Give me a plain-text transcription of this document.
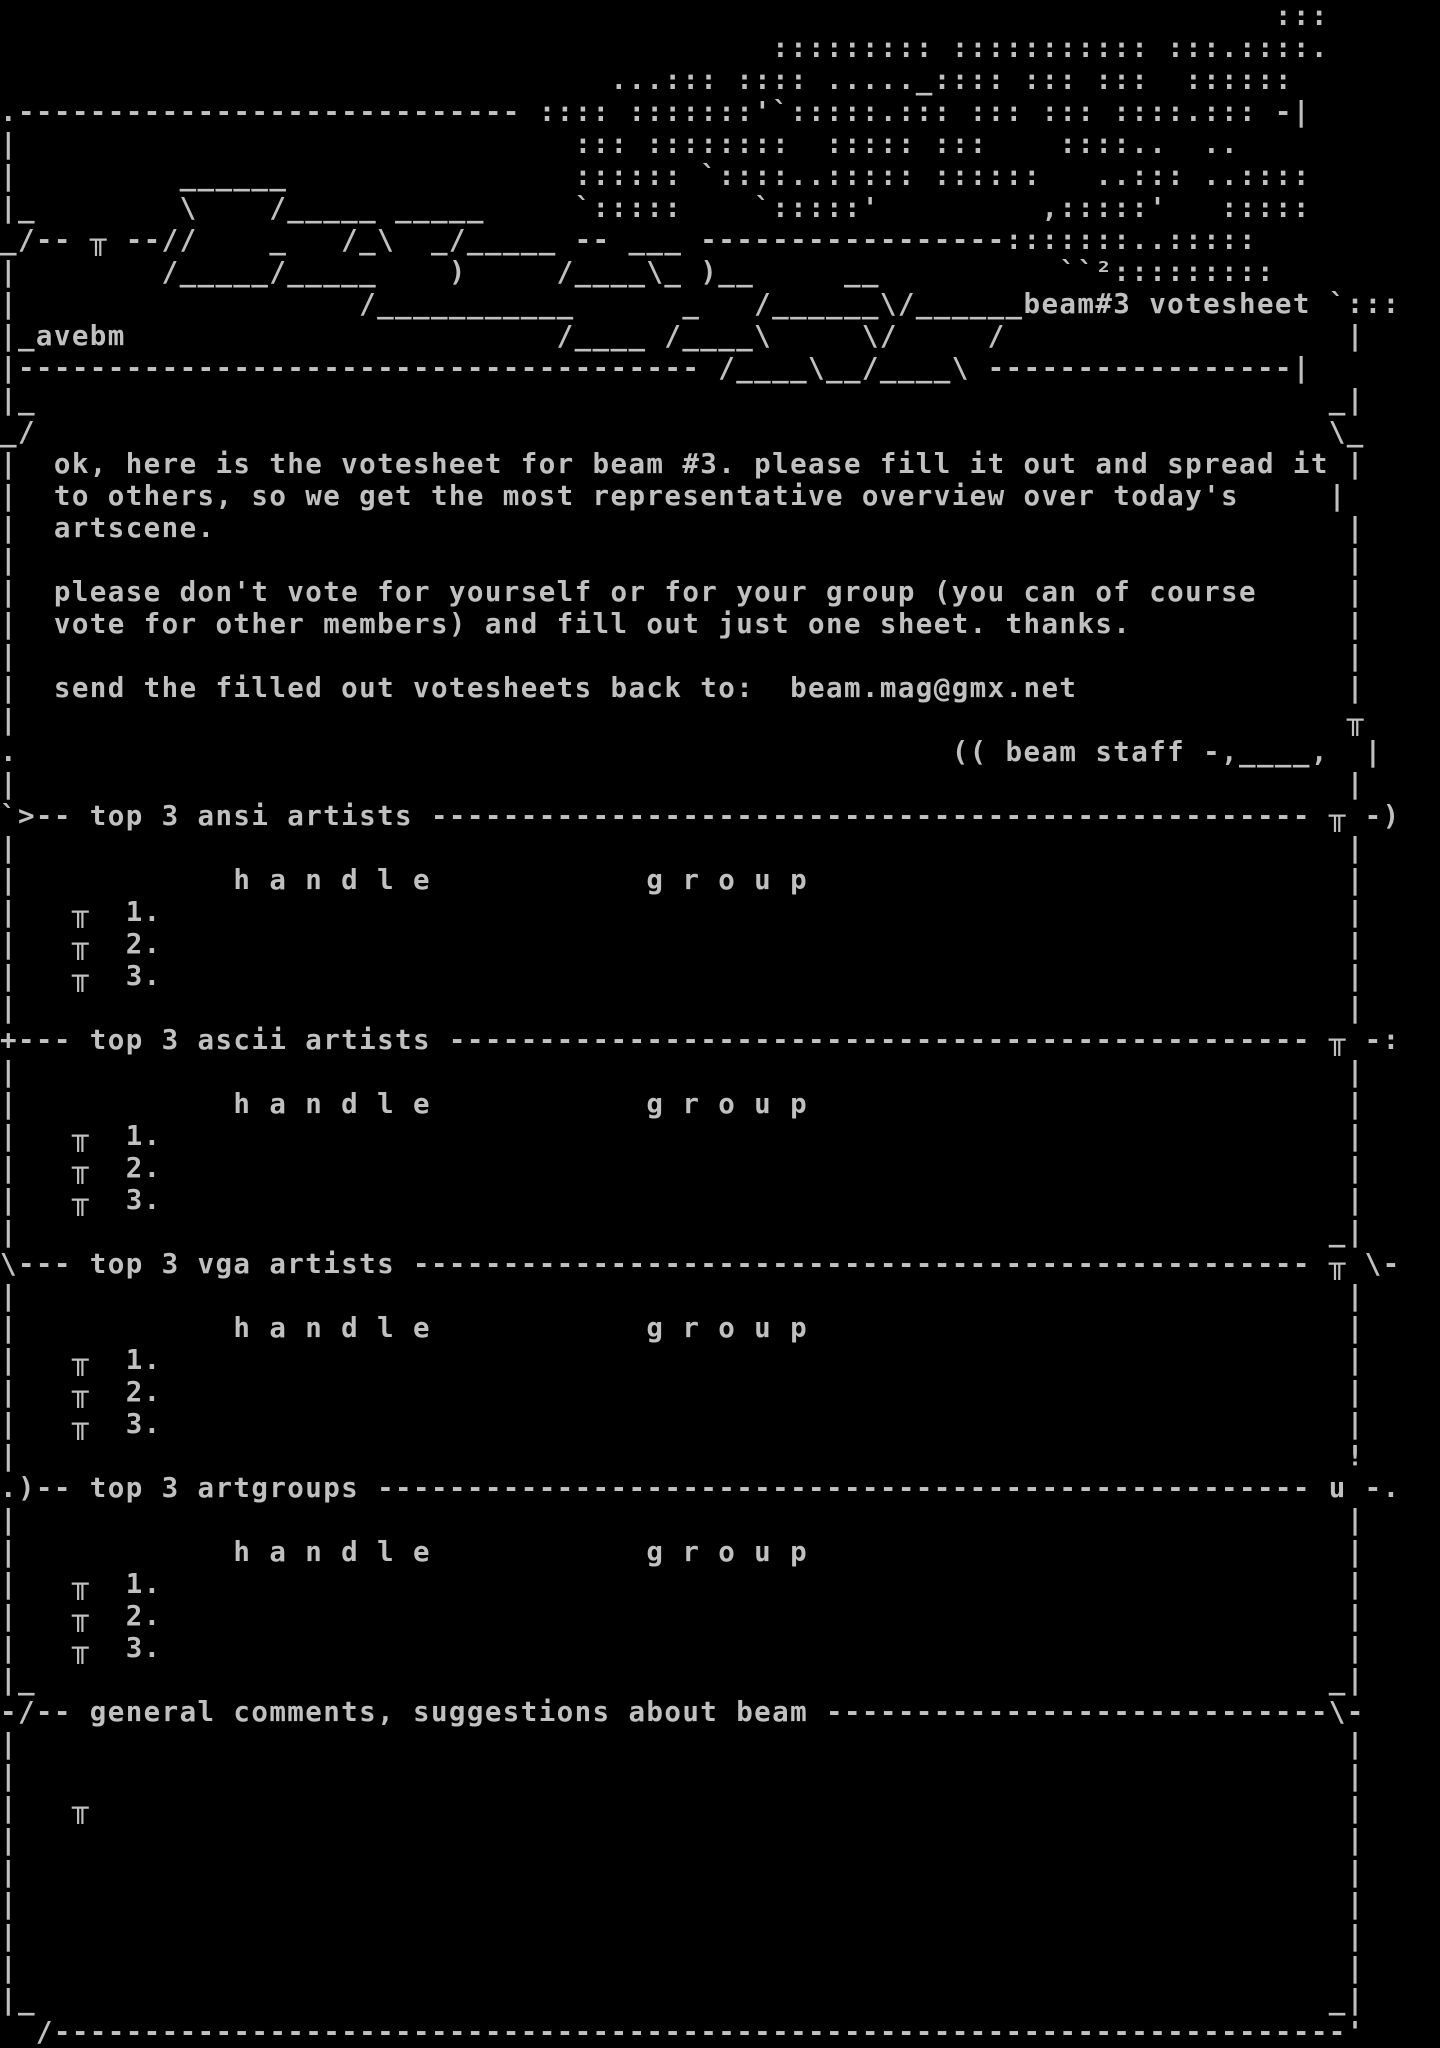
:::
::::::::: ::::::::::: :::.::::.
...::: :::: ....._:::: ::: :::  ::::::
.---------------------------- :::: :::::::'`:::::.::: ::: ::: ::::.::: -|
|                               ::: ::::::::  ::::: :::    ::::..  ..
|         ______                :::::: `::::..::::: ::::::   ..::: ..::::
|_        \    /_____ _____     `:::::    `:::::'         ,:::::'   :::::
_/-- ╥ --//    _   /_\  _/_____ -- ___ -----------------:::::::..:::::
|        /_____/_____    )     /____\_ )__     __          ``²:::::::::
|                   /___________      _   /______\/______beam#3 votesheet `:::
|_avebm                        /____ /____\     \/     /                   |
|-------------------------------------- /____\__/____\ -----------------|
|_                                                                        _|
_/                                                                        \_
|  ok, here is the votesheet for beam #3. please fill it out and spread it |
|  to others, so we get the most representative overview over today's     |
|  artscene.                                                               |
|                                                                          |
|  please don't vote for yourself or for your group (you can of course     |
|  vote for other members) and fill out just one sheet. thanks.            |
|                                                                          |
|  send the filled out votesheets back to:  beam.mag@gmx.net               |
|                                                                          ╥
.                                                    (( beam staff -,____,  |
|                                                                          |
`>-- top 3 ansi artists ------------------------------------------------- ╥ -)
|                                                                          |
|            h a n d l e            g r o u p                              |
|   ╥  1.                                                                  |
|   ╥  2.                                                                  |
|   ╥  3.                                                                  |
|                                                                          |
+--- top 3 ascii artists ------------------------------------------------ ╥ -:
|                                                                          |
|            h a n d l e            g r o u p                              |
|   ╥  1.                                                                  |
|   ╥  2.                                                                  |
|   ╥  3.                                                                  |
|                                                                         _|
\--- top 3 vga artists -------------------------------------------------- ╥ \-
|                                                                          |
|            h a n d l e            g r o u p                              |
|   ╥  1.                                                                  |
|   ╥  2.                                                                  |
|   ╥  3.                                                                  |
|                                                                          !
.)-- top 3 artgroups ---------------------------------------------------- u -.
|                                                                          |
|            h a n d l e            g r o u p                              |
|   ╥  1.                                                                  |
|   ╥  2.                                                                  |
|   ╥  3.                                                                  |
|_                                                                        _|
-/-- general comments, suggestions about beam ----------------------------\-
|                                                                          |
|                                                                          |
|   ╥                                                                      |
|                                                                          |
|                                                                          |
|                                                                          |
|                                                                          |
|                                                                          |
|_                                                                        _|
/------------------------------------------------------------------------'
